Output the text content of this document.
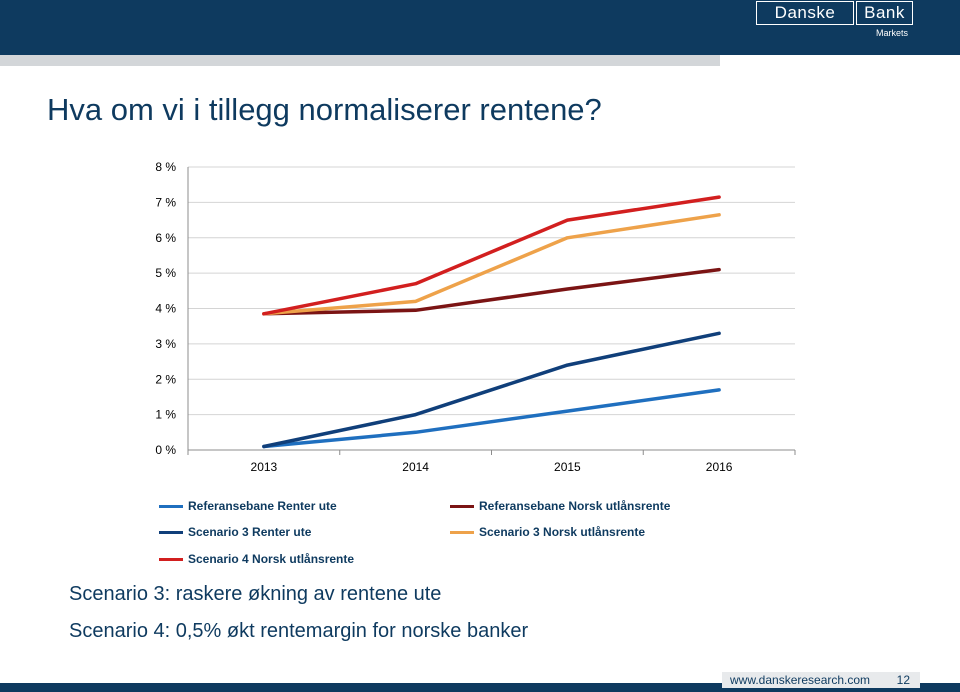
Danske	Bank
Markets
Hva om vi i tillegg normaliserer rentene?
0 %
1 %
2 %
3 %
4 %
5 %
6 %
7 %
8 %
2013	2014	2015	2016
Referansebane Renter ute
Scenario 3 Renter ute
Scenario 4 Norsk utlånsrente
Referansebane Norsk utlånsrente
Scenario 3 Norsk utlånsrente
Scenario 3: raskere økning av rentene ute
Scenario 4: 0,5% økt rentemargin for norske banker
www.danskeresearch.com 12
